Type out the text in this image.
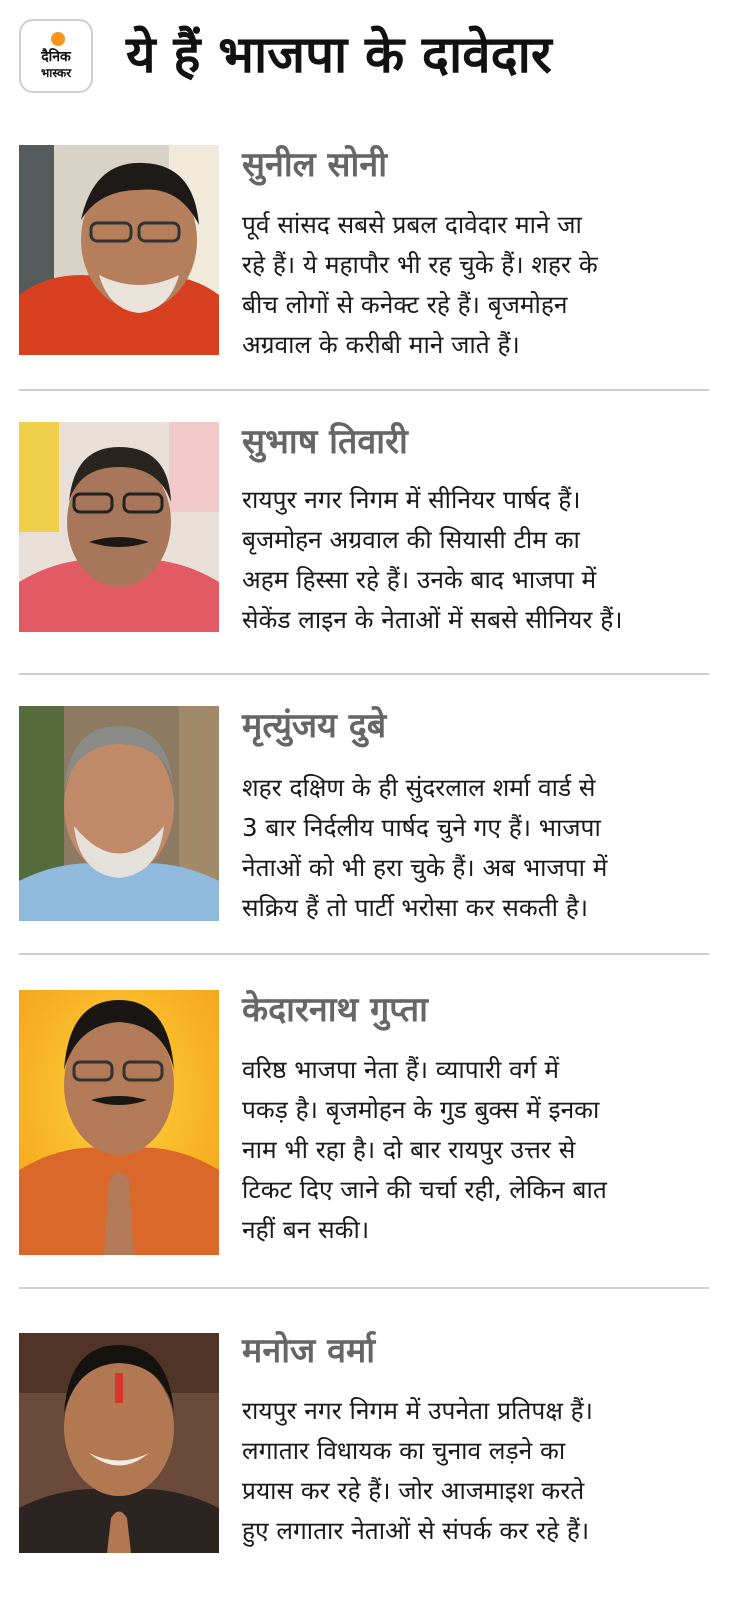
दैनिक
भास्कर	ये हैं भाजपा के दावेदार
सुनील सोनी

पूर्व सांसद सबसे प्रबल दावेदार माने जा
रहे हैं। ये महापौर भी रह चुके हैं। शहर के
बीच लोगों से कनेक्ट रहे हैं। बृजमोहन
अग्रवाल के करीबी माने जाते हैं।

सुभाष तिवारी

रायपुर नगर निगम में सीनियर पार्षद हैं।
बृजमोहन अग्रवाल की सियासी टीम का
अहम हिस्सा रहे हैं। उनके बाद भाजपा में
सेकेंड लाइन के नेताओं में सबसे सीनियर हैं।

मृत्युंजय दुबे

शहर दक्षिण के ही सुंदरलाल शर्मा वार्ड से
3 बार निर्दलीय पार्षद चुने गए हैं। भाजपा
नेताओं को भी हरा चुके हैं। अब भाजपा में
सक्रिय हैं तो पार्टी भरोसा कर सकती है।

केदारनाथ गुप्ता

वरिष्ठ भाजपा नेता हैं। व्यापारी वर्ग में
पकड़ है। बृजमोहन के गुड बुक्स में इनका
नाम भी रहा है। दो बार रायपुर उत्तर से
टिकट दिए जाने की चर्चा रही, लेकिन बात
नहीं बन सकी।

मनोज वर्मा

रायपुर नगर निगम में उपनेता प्रतिपक्ष हैं।
लगातार विधायक का चुनाव लड़ने का
प्रयास कर रहे हैं। जोर आजमाइश करते
हुए लगातार नेताओं से संपर्क कर रहे हैं।
